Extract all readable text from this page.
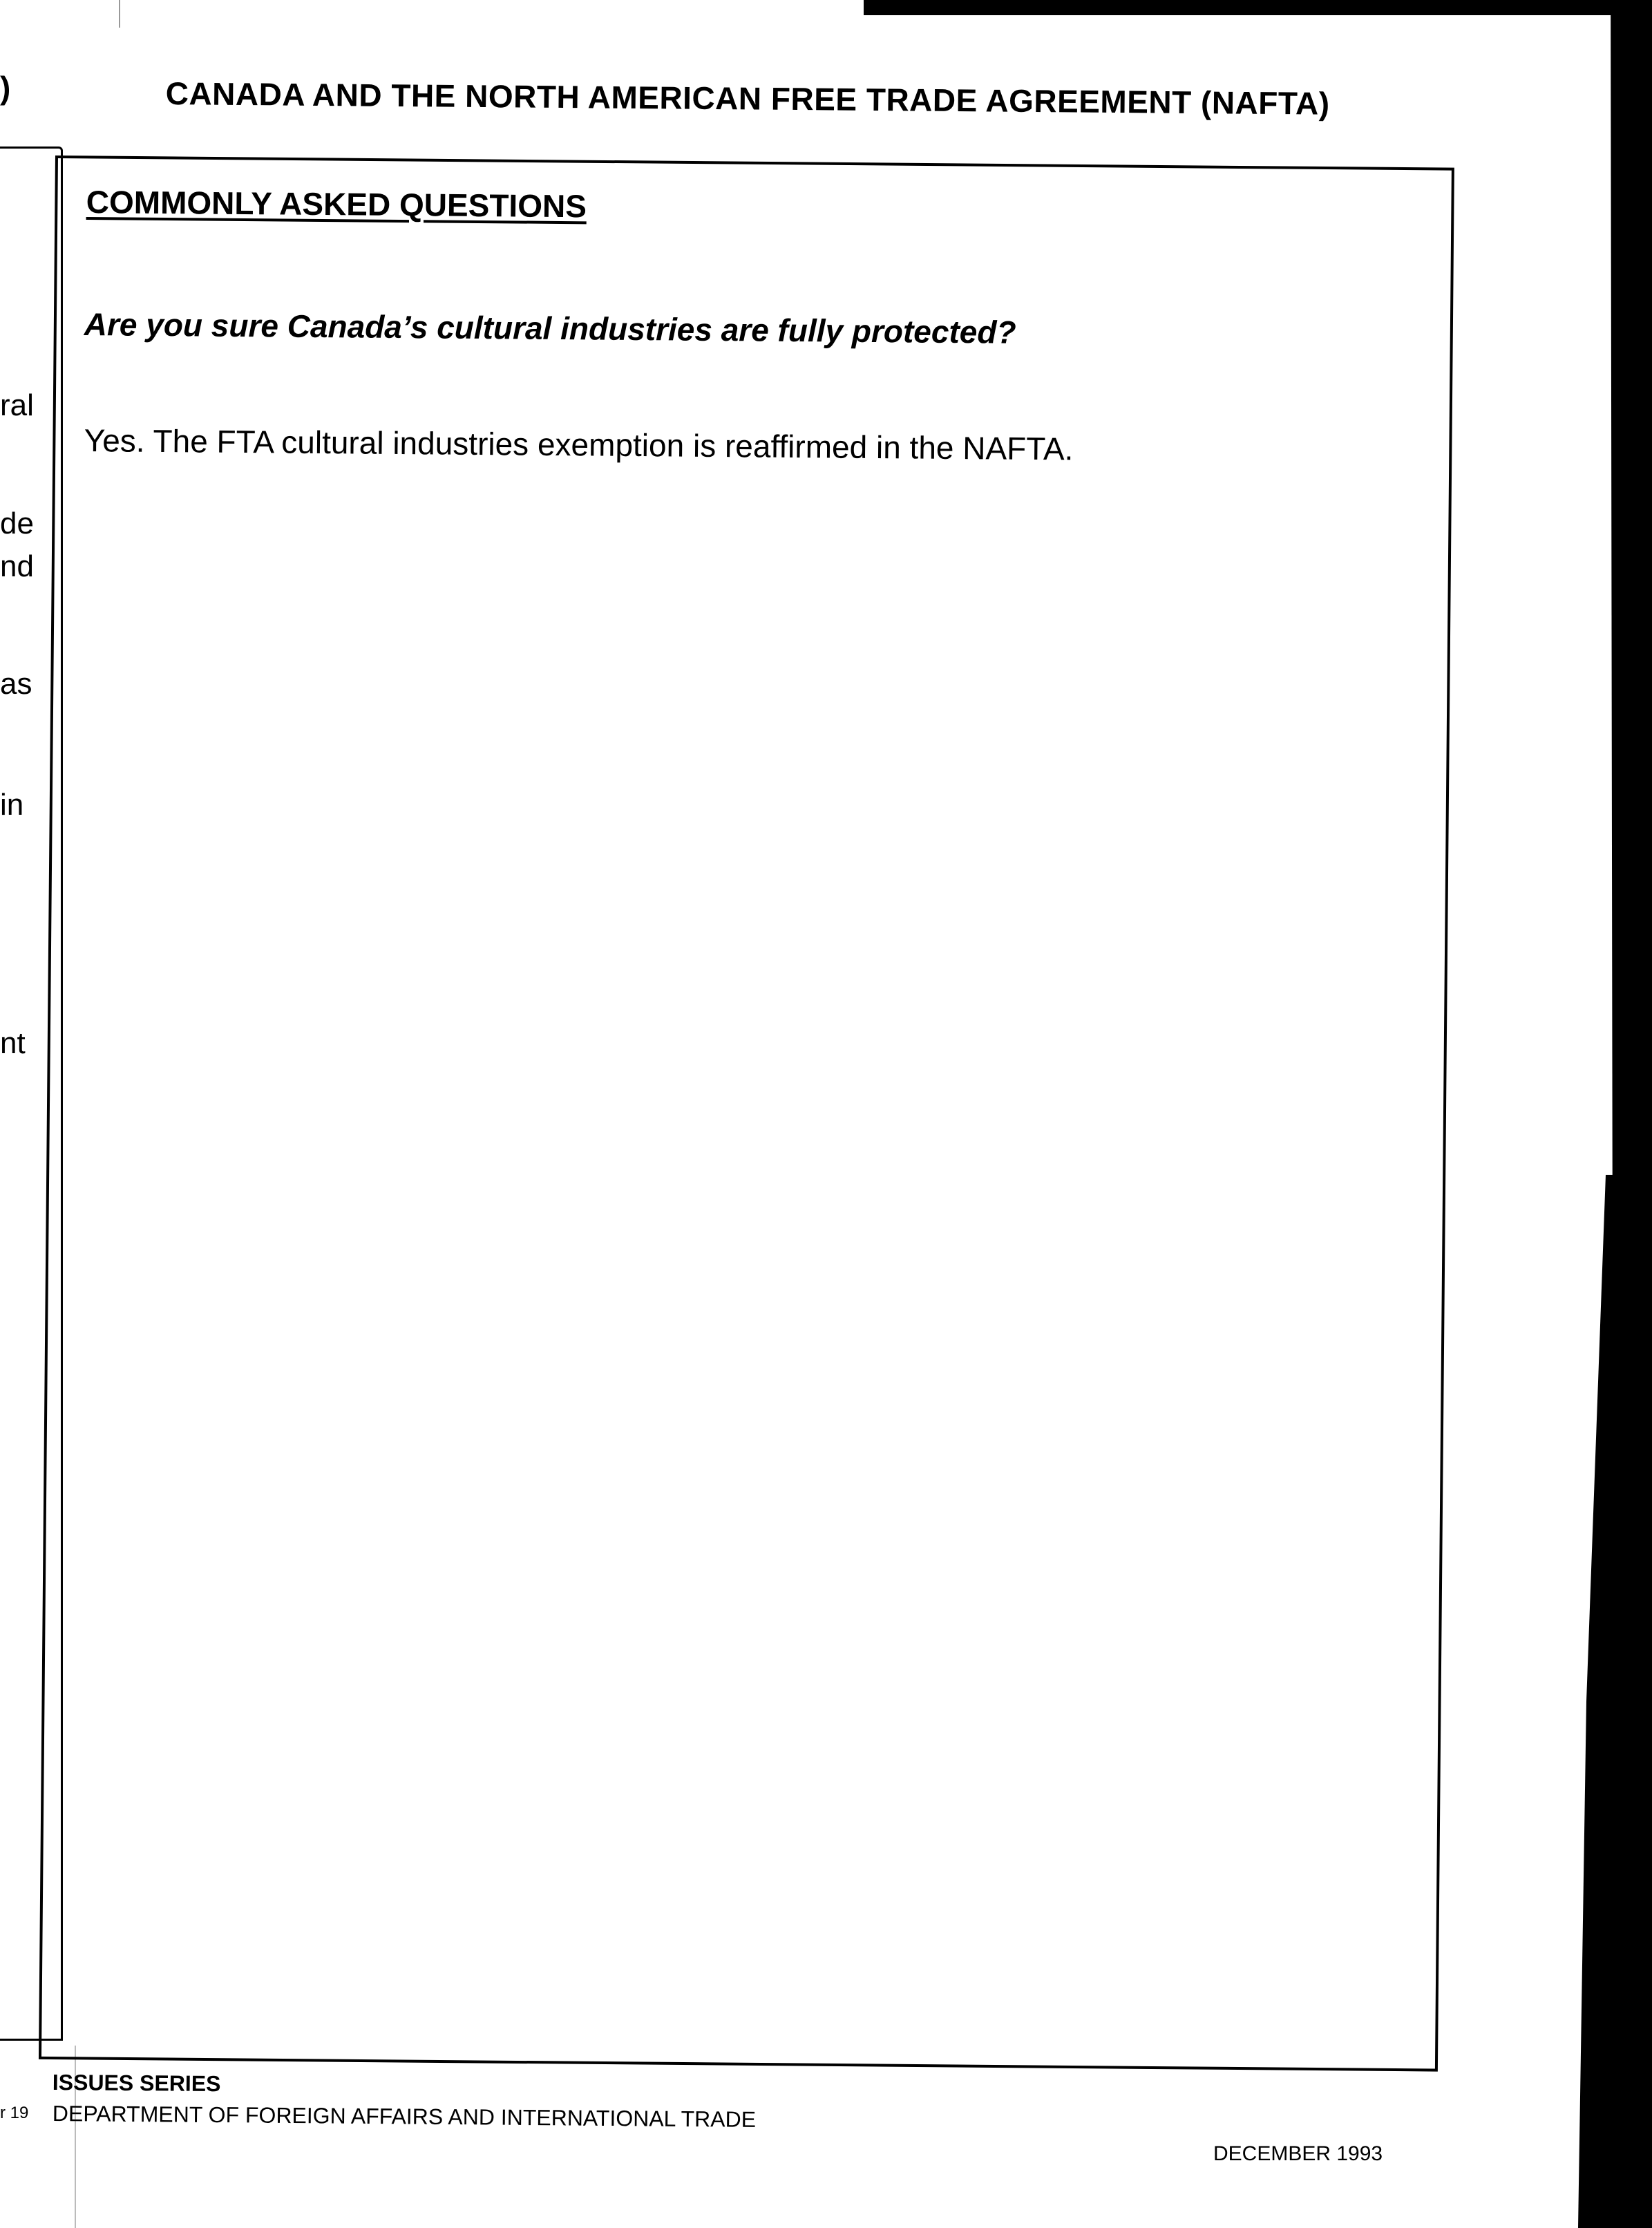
)
ral
de
nd
as
in
nt
r 19
CANADA AND THE NORTH AMERICAN FREE TRADE AGREEMENT (NAFTA)
COMMONLY ASKED QUESTIONS
Are you sure Canada’s cultural industries are fully protected?
Yes. The FTA cultural industries exemption is reaffirmed in the NAFTA.
ISSUES SERIES
DEPARTMENT OF FOREIGN AFFAIRS AND INTERNATIONAL TRADE
DECEMBER 1993
